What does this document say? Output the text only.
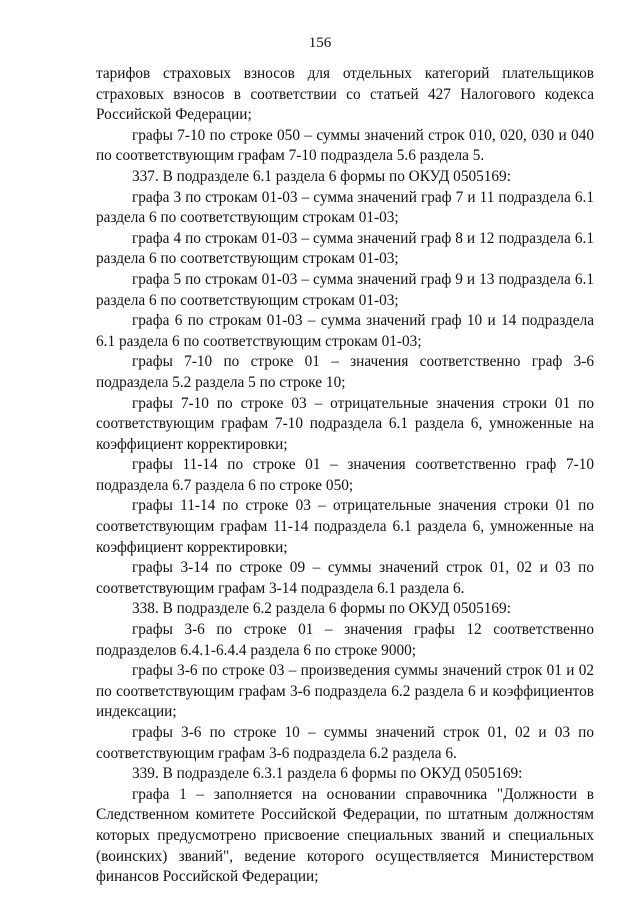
156

тарифов страховых взносов для отдельных категорий плательщиков страховых взносов в соответствии со статьей 427 Налогового кодекса Российской Федерации;

графы 7-10 по строке 050 – суммы значений строк 010, 020, 030 и 040 по соответствующим графам 7-10 подраздела 5.6 раздела 5.

337. В подразделе 6.1 раздела 6 формы по ОКУД 0505169:

графа 3 по строкам 01-03 – сумма значений граф 7 и 11 подраздела 6.1 раздела 6 по соответствующим строкам 01-03;

графа 4 по строкам 01-03 – сумма значений граф 8 и 12 подраздела 6.1 раздела 6 по соответствующим строкам 01-03;

графа 5 по строкам 01-03 – сумма значений граф 9 и 13 подраздела 6.1 раздела 6 по соответствующим строкам 01-03;

графа 6 по строкам 01-03 – сумма значений граф 10 и 14 подраздела 6.1 раздела 6 по соответствующим строкам 01-03;

графы 7-10 по строке 01 – значения соответственно граф 3-6 подраздела 5.2 раздела 5 по строке 10;

графы 7-10 по строке 03 – отрицательные значения строки 01 по соответствующим графам 7-10 подраздела 6.1 раздела 6, умноженные на коэффициент корректировки;

графы 11-14 по строке 01 – значения соответственно граф 7-10 подраздела 6.7 раздела 6 по строке 050;

графы 11-14 по строке 03 – отрицательные значения строки 01 по соответствующим графам 11-14 подраздела 6.1 раздела 6, умноженные на коэффициент корректировки;

графы 3-14 по строке 09 – суммы значений строк 01, 02 и 03 по соответствующим графам 3-14 подраздела 6.1 раздела 6.

338. В подразделе 6.2 раздела 6 формы по ОКУД 0505169:

графы 3-6 по строке 01 – значения графы 12 соответственно подразделов 6.4.1-6.4.4 раздела 6 по строке 9000;

графы 3-6 по строке 03 – произведения суммы значений строк 01 и 02 по соответствующим графам 3-6 подраздела 6.2 раздела 6 и коэффициентов индексации;

графы 3-6 по строке 10 – суммы значений строк 01, 02 и 03 по соответствующим графам 3-6 подраздела 6.2 раздела 6.

339. В подразделе 6.3.1 раздела 6 формы по ОКУД 0505169:

графа 1 – заполняется на основании справочника "Должности в Следственном комитете Российской Федерации, по штатным должностям которых предусмотрено присвоение специальных званий и специальных (воинских) званий", ведение которого осуществляется Министерством финансов Российской Федерации;
